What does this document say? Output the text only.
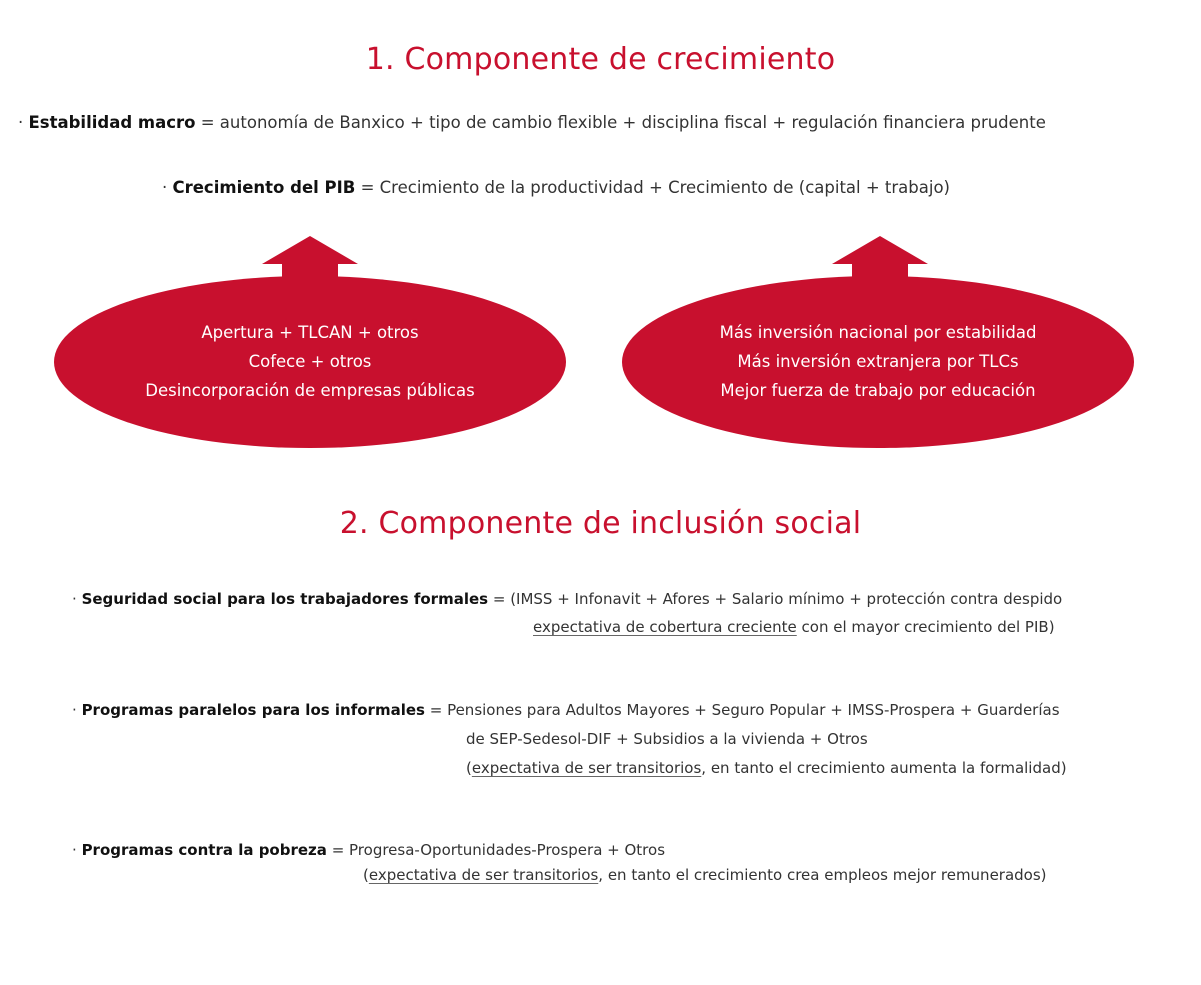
1. Componente de crecimiento
· Estabilidad macro = autonomía de Banxico + tipo de cambio flexible + disciplina fiscal + regulación financiera prudente
· Crecimiento del PIB = Crecimiento de la productividad + Crecimiento de (capital + trabajo)
Apertura + TLCAN + otros
Cofece + otros
Desincorporación de empresas públicas
Más inversión nacional por estabilidad
Más inversión extranjera por TLCs
Mejor fuerza de trabajo por educación
2. Componente de inclusión social
· Seguridad social para los trabajadores formales = (IMSS + Infonavit + Afores + Salario mínimo + protección contra despido
expectativa de cobertura creciente con el mayor crecimiento del PIB)
· Programas paralelos para los informales = Pensiones para Adultos Mayores + Seguro Popular + IMSS-Prospera + Guarderías
de SEP-Sedesol-DIF + Subsidios a la vivienda + Otros
(expectativa de ser transitorios, en tanto el crecimiento aumenta la formalidad)
· Programas contra la pobreza = Progresa-Oportunidades-Prospera + Otros
(expectativa de ser transitorios, en tanto el crecimiento crea empleos mejor remunerados)
